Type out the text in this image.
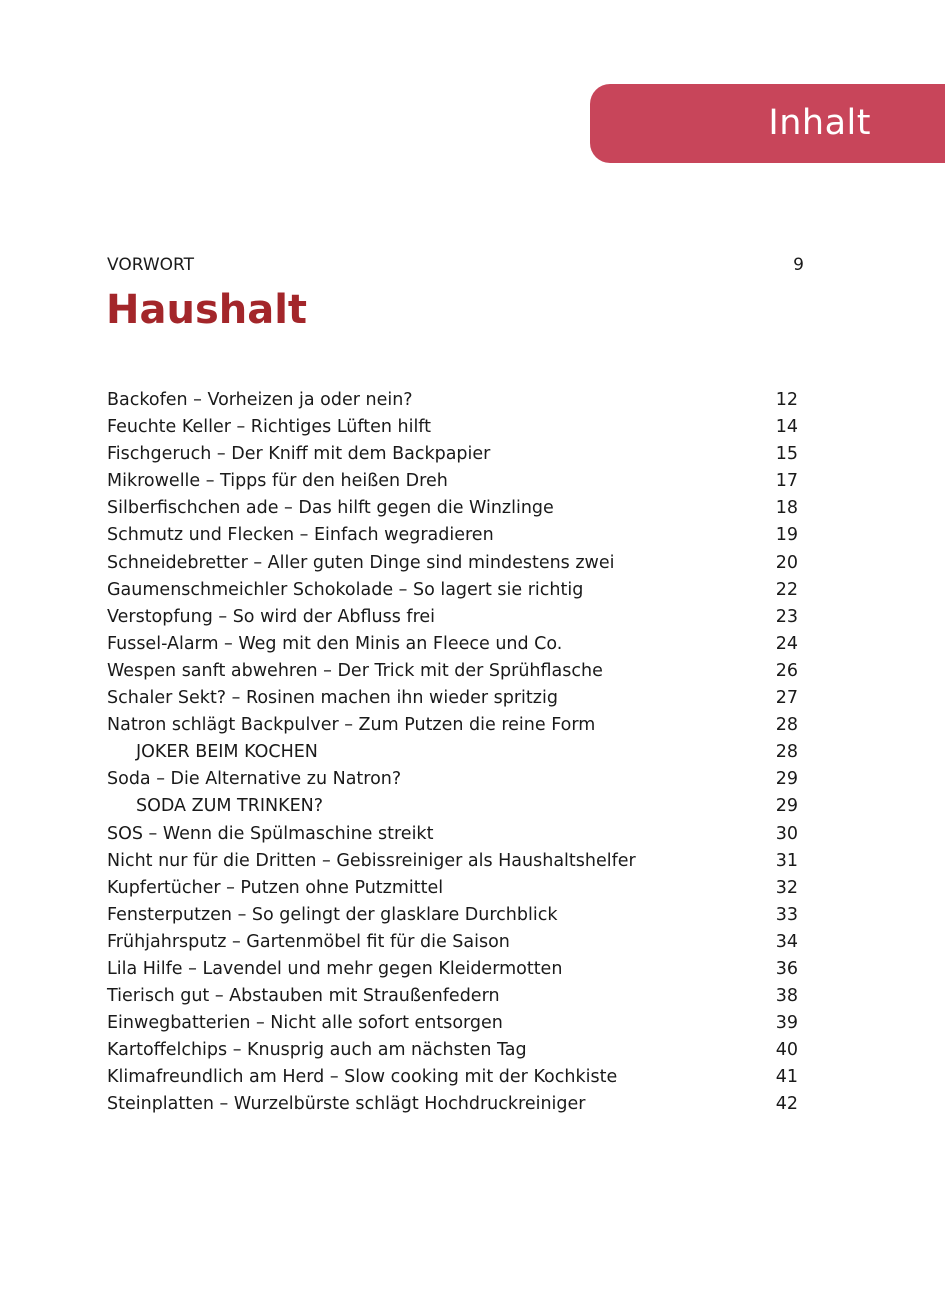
Inhalt
VORWORT	9
Haushalt
Backofen – Vorheizen ja oder nein?	12
Feuchte Keller – Richtiges Lüften hilft	14
Fischgeruch – Der Kniff mit dem Backpapier	15
Mikrowelle – Tipps für den heißen Dreh	17
Silberfischchen ade – Das hilft gegen die Winzlinge	18
Schmutz und Flecken – Einfach wegradieren	19
Schneidebretter – Aller guten Dinge sind mindestens zwei	20
Gaumenschmeichler Schokolade – So lagert sie richtig	22
Verstopfung – So wird der Abfluss frei	23
Fussel-Alarm – Weg mit den Minis an Fleece und Co.	24
Wespen sanft abwehren – Der Trick mit der Sprühflasche	26
Schaler Sekt? – Rosinen machen ihn wieder spritzig	27
Natron schlägt Backpulver – Zum Putzen die reine Form	28
JOKER BEIM KOCHEN	28
Soda – Die Alternative zu Natron?	29
SODA ZUM TRINKEN?	29
SOS – Wenn die Spülmaschine streikt	30
Nicht nur für die Dritten – Gebissreiniger als Haushaltshelfer	31
Kupfertücher – Putzen ohne Putzmittel	32
Fensterputzen – So gelingt der glasklare Durchblick	33
Frühjahrsputz – Gartenmöbel fit für die Saison	34
Lila Hilfe – Lavendel und mehr gegen Kleidermotten	36
Tierisch gut – Abstauben mit Straußenfedern	38
Einwegbatterien – Nicht alle sofort entsorgen	39
Kartoffelchips – Knusprig auch am nächsten Tag	40
Klimafreundlich am Herd – Slow cooking mit der Kochkiste	41
Steinplatten – Wurzelbürste schlägt Hochdruckreiniger	42
